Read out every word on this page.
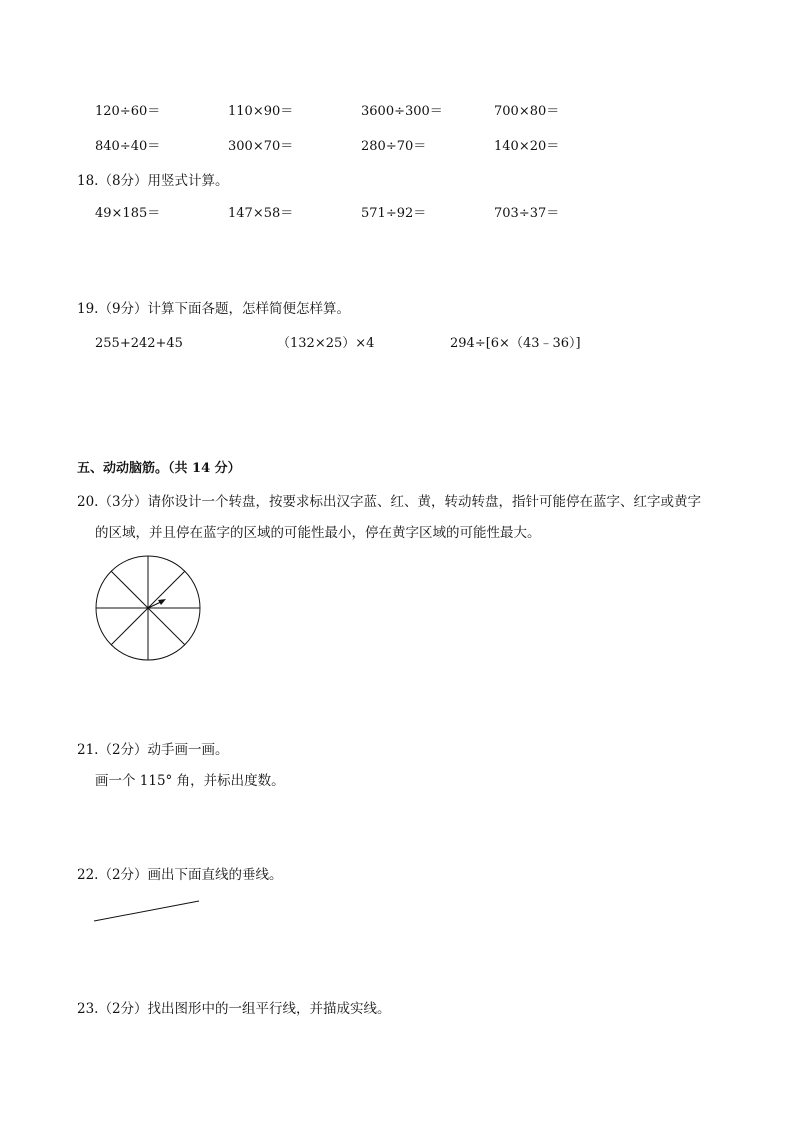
120÷60＝	110×90＝	3600÷300＝	700×80＝
840÷40＝	300×70＝	280÷70＝	140×20＝
18.（8分）用竖式计算。
49×185＝	147×58＝	571÷92＝	703÷37＝
19.（9分）计算下面各题，怎样简便怎样算。
255+242+45	（132×25）×4	294÷[6×（43﹣36）]
五、动动脑筋。（共 14 分）
20.（3分）请你设计一个转盘，按要求标出汉字蓝、红、黄，转动转盘，指针可能停在蓝字、红字或黄字
的区域，并且停在蓝字的区域的可能性最小，停在黄字区域的可能性最大。
21.（2分）动手画一画。
画一个 115° 角，并标出度数。
22.（2分）画出下面直线的垂线。
23.（2分）找出图形中的一组平行线，并描成实线。
